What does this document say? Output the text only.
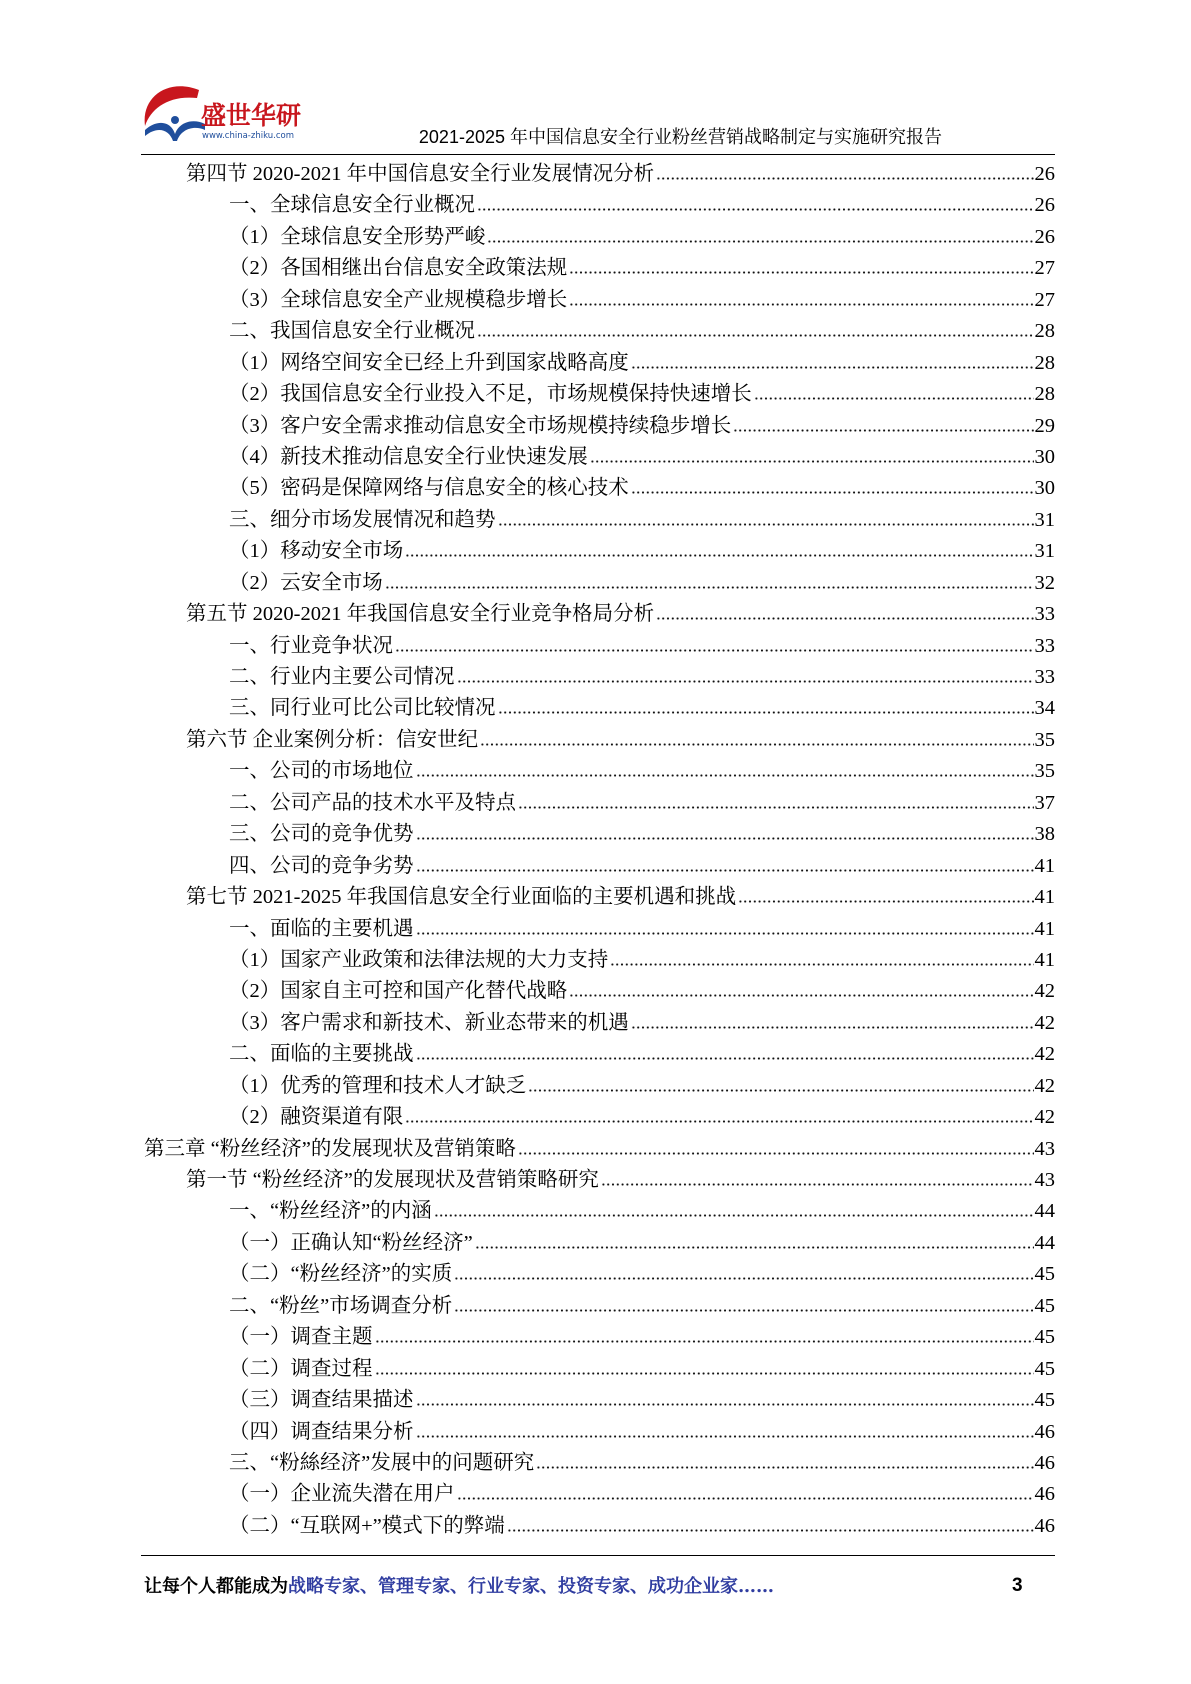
盛世华研
www.china-zhiku.com	2021-2025 年中国信息安全行业粉丝营销战略制定与实施研究报告
第四节 2020-2021 年中国信息安全行业发展情况分析	26
一、全球信息安全行业概况	26
（1）全球信息安全形势严峻	26
（2）各国相继出台信息安全政策法规	27
（3）全球信息安全产业规模稳步增长	27
二、我国信息安全行业概况	28
（1）网络空间安全已经上升到国家战略高度	28
（2）我国信息安全行业投入不足，市场规模保持快速增长	28
（3）客户安全需求推动信息安全市场规模持续稳步增长	29
（4）新技术推动信息安全行业快速发展	30
（5）密码是保障网络与信息安全的核心技术	30
三、细分市场发展情况和趋势	31
（1）移动安全市场	31
（2）云安全市场	32
第五节 2020-2021 年我国信息安全行业竞争格局分析	33
一、行业竞争状况	33
二、行业内主要公司情况	33
三、同行业可比公司比较情况	34
第六节 企业案例分析：信安世纪	35
一、公司的市场地位	35
二、公司产品的技术水平及特点	37
三、公司的竞争优势	38
四、公司的竞争劣势	41
第七节 2021-2025 年我国信息安全行业面临的主要机遇和挑战	41
一、面临的主要机遇	41
（1）国家产业政策和法律法规的大力支持	41
（2）国家自主可控和国产化替代战略	42
（3）客户需求和新技术、新业态带来的机遇	42
二、面临的主要挑战	42
（1）优秀的管理和技术人才缺乏	42
（2）融资渠道有限	42
第三章 “粉丝经济”的发展现状及营销策略	43
第一节 “粉丝经济”的发展现状及营销策略研究	43
一、“粉丝经济”的内涵	44
（一）正确认知“粉丝经济”	44
（二）“粉丝经济”的实质	45
二、“粉丝”市场调查分析	45
（一）调查主题	45
（二）调查过程	45
（三）调查结果描述	45
（四）调查结果分析	46
三、“粉絲经济”发展中的问题研究	46
（一）企业流失潜在用户	46
（二）“互联网+”模式下的弊端	46
让每个人都能成为战略专家、管理专家、行业专家、投资专家、成功企业家……	3
